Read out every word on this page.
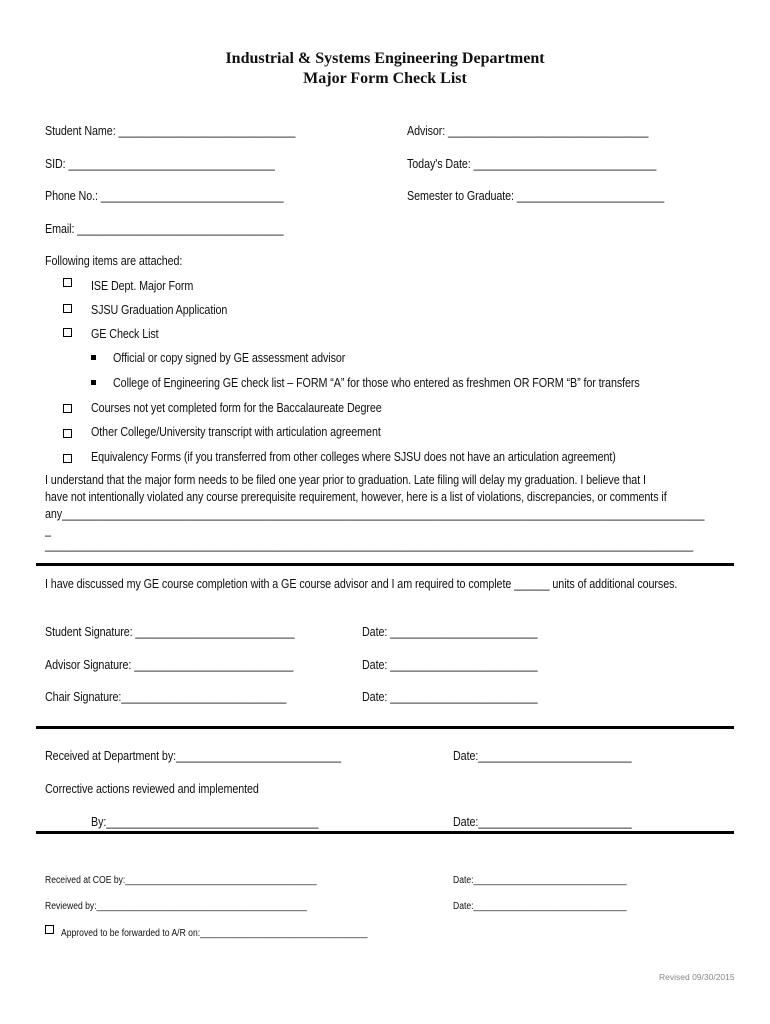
Industrial & Systems Engineering Department
Major Form Check List
Student Name: ______________________________	Advisor: __________________________________
SID: ___________________________________	Today's Date: _______________________________
Phone No.: _______________________________	Semester to Graduate: _________________________
Email: ___________________________________
Following items are attached:
ISE Dept. Major Form
SJSU Graduation Application
GE Check List
Official or copy signed by GE assessment advisor
College of Engineering GE check list – FORM “A” for those who entered as freshmen OR FORM “B” for transfers
Courses not yet completed form for the Baccalaureate Degree
Other College/University transcript with articulation agreement
Equivalency Forms (if you transferred from other colleges where SJSU does not have an articulation agreement)
I understand that the major form needs to be filed one year prior to graduation. Late filing will delay my graduation. I believe that I
have not intentionally violated any course prerequisite requirement, however, here is a list of violations, discrepancies, or comments if
any_____________________________________________________________________________________________________________
_
______________________________________________________________________________________________________________
I have discussed my GE course completion with a GE course advisor and I am required to complete ______ units of additional courses.
Student Signature: ___________________________	Date: _________________________
Advisor Signature: ___________________________	Date: _________________________
Chair Signature:____________________________	Date: _________________________
Received at Department by:____________________________	Date:__________________________
Corrective actions reviewed and implemented
By:____________________________________	Date:__________________________
Received at COE by:________________________________________	Date:________________________________
Reviewed by:____________________________________________	Date:________________________________
Approved to be forwarded to A/R on:___________________________________
Revised 09/30/2015
